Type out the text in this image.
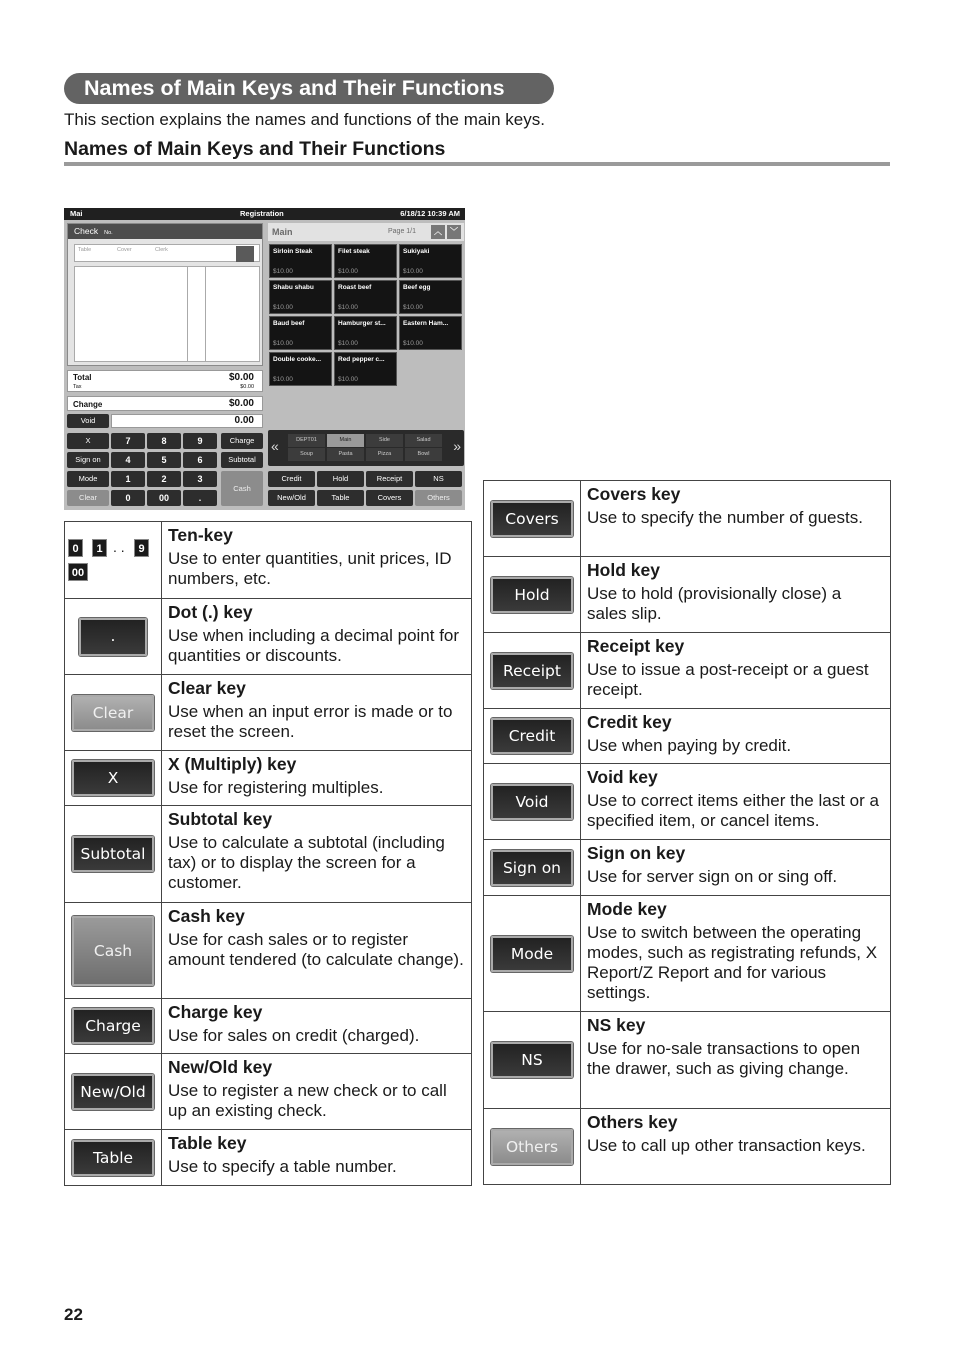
Names of Main Keys and Their Functions
This section explains the names and functions of the main keys.
Names of Main Keys and Their Functions
Mai	Registration	6/18/12 10:39 AM
Check No.
Table	Cover	Clerk
Total	$0.00
Tax	$0.00
Change	$0.00
Void	0.00
X
Sign on
Mode
Clear
7	8	9
4	5	6
1	2	3
0	00	.
Charge
Subtotal
Cash
Main	Page 1/1	︿	﹀
Sirloin Steak
$10.00
Filet steak
$10.00
Sukiyaki
$10.00
Shabu shabu
$10.00
Roast beef
$10.00
Beef egg
$10.00
Baud beef
$10.00
Hamburger st...
$10.00
Eastern Ham...
$10.00
Double cooke...
$10.00
Red pepper c...
$10.00
«	»
DEPT01	Main	Side	Salad
Soup	Pasta	Pizza	Bowl
Credit	Hold	Receipt	NS
New/Old	Table	Covers	Others
0 1 . . 9
00	Ten-key
Use to enter quantities, unit prices, ID numbers, etc.
.	Dot (.) key
Use when including a decimal point for quantities or discounts.
Clear	Clear key
Use when an input error is made or to reset the screen.
X	X (Multiply) key
Use for registering multiples.
Subtotal	Subtotal key
Use to calculate a subtotal (including tax) or to display the screen for a customer.
Cash	Cash key
Use for cash sales or to register amount tendered (to calculate change).
Charge	Charge key
Use for sales on credit (charged).
New/Old	New/Old key
Use to register a new check or to call up an existing check.
Table	Table key
Use to specify a table number.
Covers	Covers key
Use to specify the number of guests.
Hold	Hold key
Use to hold (provisionally close) a sales slip.
Receipt	Receipt key
Use to issue a post-receipt or a guest receipt.
Credit	Credit key
Use when paying by credit.
Void	Void key
Use to correct items either the last or a specified item, or cancel items.
Sign on	Sign on key
Use for server sign on or sing off.
Mode	Mode key
Use to switch between the operating modes, such as registrating refunds, X Report/Z Report and for various settings.
NS	NS key
Use for no-sale transactions to open the drawer, such as giving change.
Others	Others key
Use to call up other transaction keys.
22
